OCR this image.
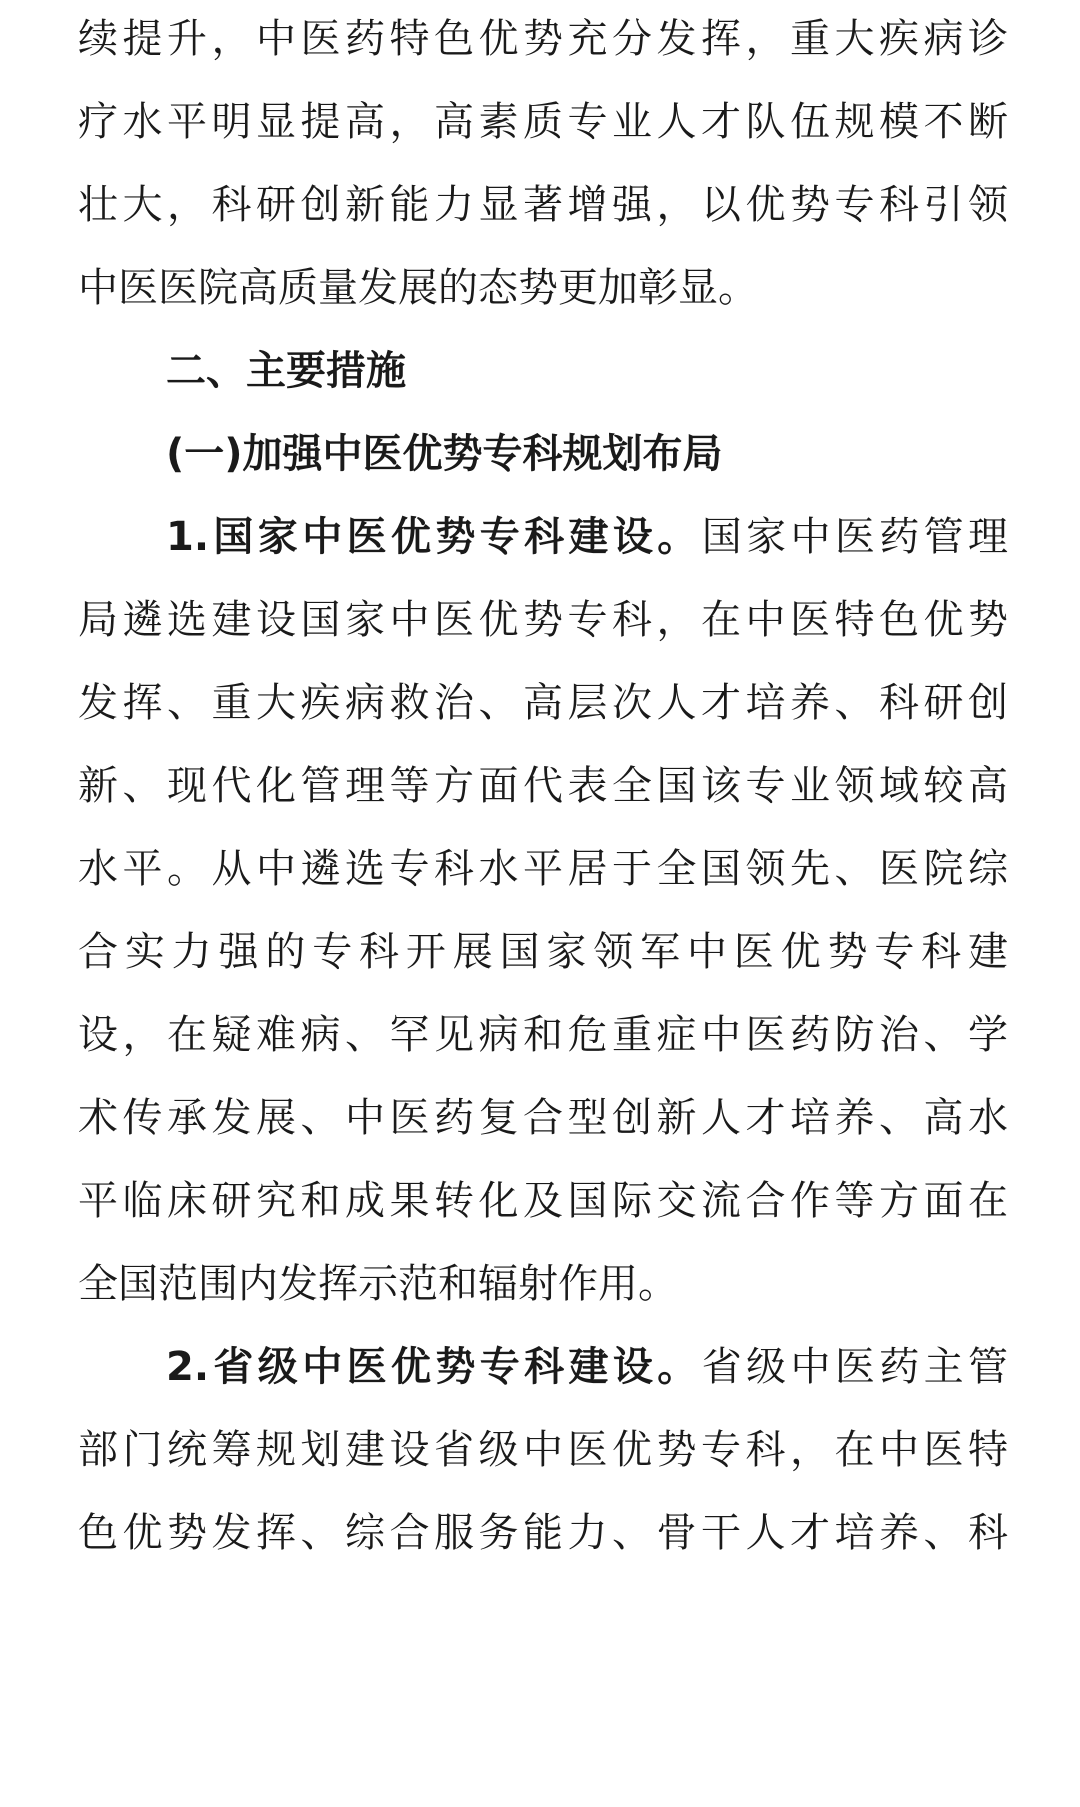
续提升，中医药特色优势充分发挥，重大疾病诊
疗水平明显提高，高素质专业人才队伍规模不断
壮大，科研创新能力显著增强，以优势专科引领
中医医院高质量发展的态势更加彰显。
二、主要措施
(一)加强中医优势专科规划布局
1.国家中医优势专科建设。国家中医药管理
局遴选建设国家中医优势专科，在中医特色优势
发挥、重大疾病救治、高层次人才培养、科研创
新、现代化管理等方面代表全国该专业领域较高
水平。从中遴选专科水平居于全国领先、医院综
合实力强的专科开展国家领军中医优势专科建
设，在疑难病、罕见病和危重症中医药防治、学
术传承发展、中医药复合型创新人才培养、高水
平临床研究和成果转化及国际交流合作等方面在
全国范围内发挥示范和辐射作用。
2.省级中医优势专科建设。省级中医药主管
部门统筹规划建设省级中医优势专科，在中医特
色优势发挥、综合服务能力、骨干人才培养、科
